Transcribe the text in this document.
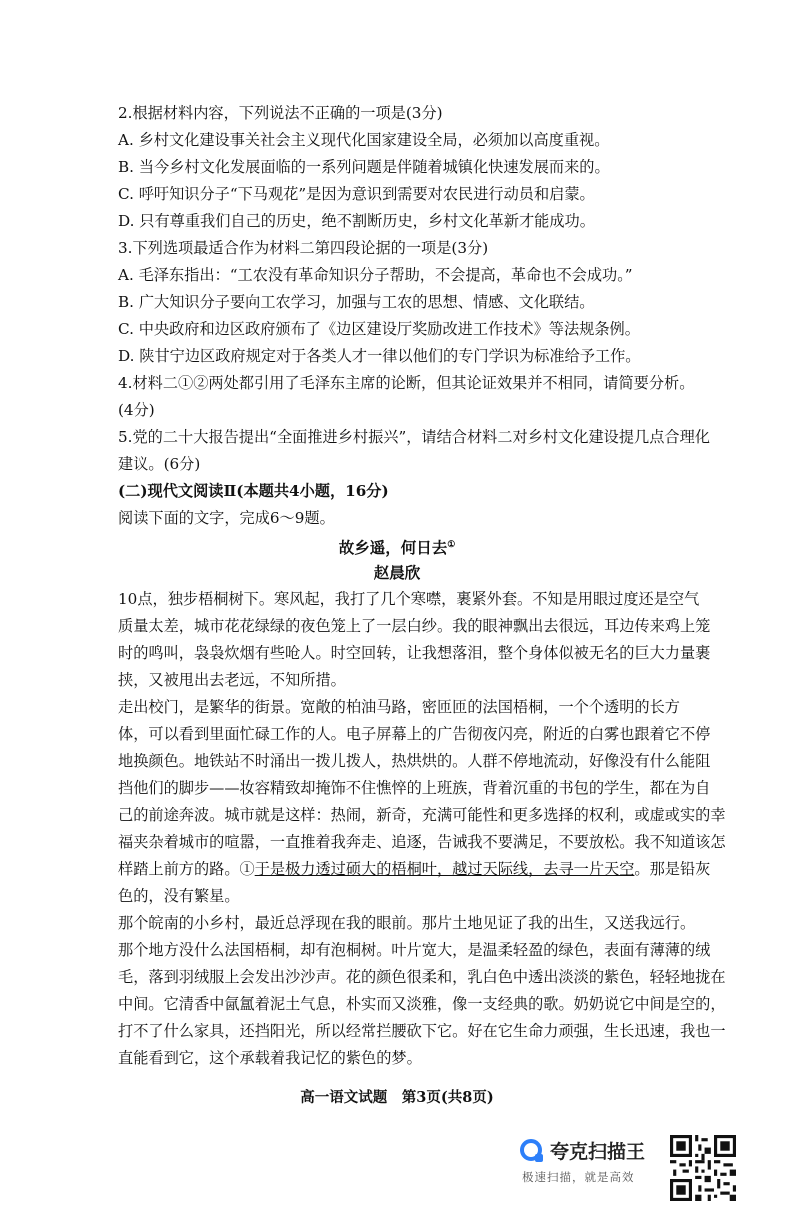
2.根据材料内容，下列说法不正确的一项是(3分)
A. 乡村文化建设事关社会主义现代化国家建设全局，必须加以高度重视。
B. 当今乡村文化发展面临的一系列问题是伴随着城镇化快速发展而来的。
C. 呼吁知识分子“下马观花”是因为意识到需要对农民进行动员和启蒙。
D. 只有尊重我们自己的历史，绝不割断历史，乡村文化革新才能成功。
3.下列选项最适合作为材料二第四段论据的一项是(3分)
A. 毛泽东指出：“工农没有革命知识分子帮助，不会提高，革命也不会成功。”
B. 广大知识分子要向工农学习，加强与工农的思想、情感、文化联结。
C. 中央政府和边区政府颁布了《边区建设厅奖励改进工作技术》等法规条例。
D. 陕甘宁边区政府规定对于各类人才一律以他们的专门学识为标准给予工作。
4.材料二①②两处都引用了毛泽东主席的论断，但其论证效果并不相同，请简要分析。
(4分)
5.党的二十大报告提出“全面推进乡村振兴”，请结合材料二对乡村文化建设提几点合理化
建议。(6分)
(二)现代文阅读Ⅱ(本题共4小题，16分)
阅读下面的文字，完成6～9题。
故乡遥，何日去①
赵晨欣
10点，独步梧桐树下。寒风起，我打了几个寒噤，裹紧外套。不知是用眼过度还是空气
质量太差，城市花花绿绿的夜色笼上了一层白纱。我的眼神飘出去很远，耳边传来鸡上笼
时的鸣叫，袅袅炊烟有些呛人。时空回转，让我想落泪，整个身体似被无名的巨大力量裹
挟，又被甩出去老远，不知所措。
走出校门，是繁华的街景。宽敞的柏油马路，密匝匝的法国梧桐，一个个透明的长方
体，可以看到里面忙碌工作的人。电子屏幕上的广告彻夜闪亮，附近的白雾也跟着它不停
地换颜色。地铁站不时涌出一拨儿拨人，热烘烘的。人群不停地流动，好像没有什么能阻
挡他们的脚步——妆容精致却掩饰不住憔悴的上班族，背着沉重的书包的学生，都在为自
己的前途奔波。城市就是这样：热闹，新奇，充满可能性和更多选择的权利，或虚或实的幸
福夹杂着城市的喧嚣，一直推着我奔走、追逐，告诫我不要满足，不要放松。我不知道该怎
样踏上前方的路。①于是极力透过硕大的梧桐叶，越过天际线，去寻一片天空。那是铅灰
色的，没有繁星。
那个皖南的小乡村，最近总浮现在我的眼前。那片土地见证了我的出生，又送我远行。
那个地方没什么法国梧桐，却有泡桐树。叶片宽大，是温柔轻盈的绿色，表面有薄薄的绒
毛，落到羽绒服上会发出沙沙声。花的颜色很柔和，乳白色中透出淡淡的紫色，轻轻地拢在
中间。它清香中氤氲着泥土气息，朴实而又淡雅，像一支经典的歌。奶奶说它中间是空的，
打不了什么家具，还挡阳光，所以经常拦腰砍下它。好在它生命力顽强，生长迅速，我也一
直能看到它，这个承载着我记忆的紫色的梦。
高一语文试题　第3页(共8页)
夸克扫描王
极速扫描，就是高效
